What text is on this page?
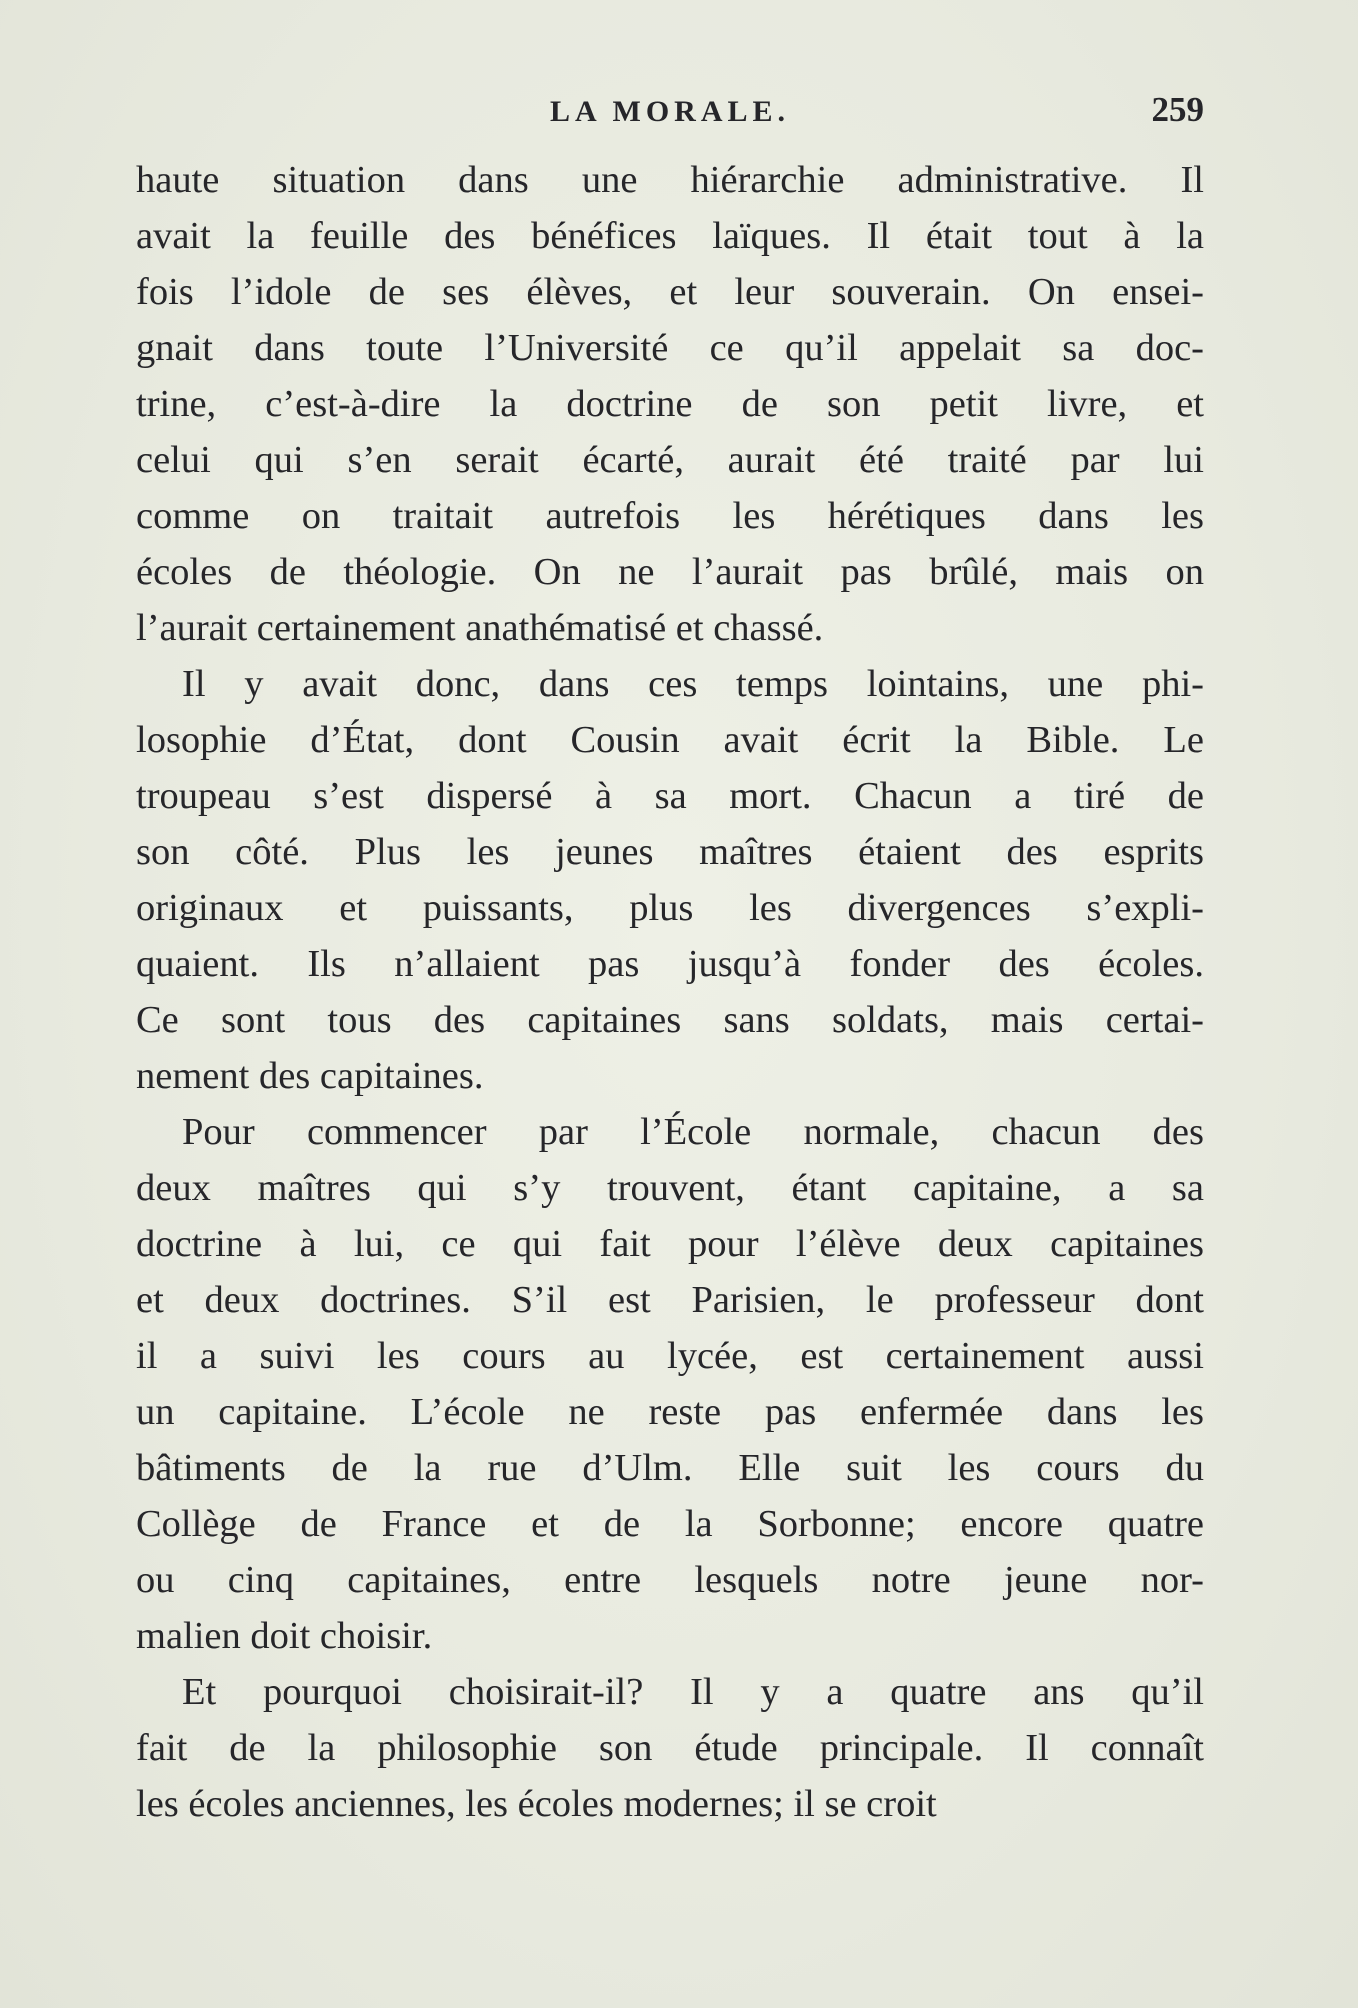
LA MORALE.	259
haute situation dans une hiérarchie administrative. Il
avait la feuille des bénéfices laïques. Il était tout à la
fois l’idole de ses élèves, et leur souverain. On ensei-
gnait dans toute l’Université ce qu’il appelait sa doc-
trine, c’est-à-dire la doctrine de son petit livre, et
celui qui s’en serait écarté, aurait été traité par lui
comme on traitait autrefois les hérétiques dans les
écoles de théologie. On ne l’aurait pas brûlé, mais on
l’aurait certainement anathématisé et chassé.
Il y avait donc, dans ces temps lointains, une phi-
losophie d’État, dont Cousin avait écrit la Bible. Le
troupeau s’est dispersé à sa mort. Chacun a tiré de
son côté. Plus les jeunes maîtres étaient des esprits
originaux et puissants, plus les divergences s’expli-
quaient. Ils n’allaient pas jusqu’à fonder des écoles.
Ce sont tous des capitaines sans soldats, mais certai-
nement des capitaines.
Pour commencer par l’École normale, chacun des
deux maîtres qui s’y trouvent, étant capitaine, a sa
doctrine à lui, ce qui fait pour l’élève deux capitaines
et deux doctrines. S’il est Parisien, le professeur dont
il a suivi les cours au lycée, est certainement aussi
un capitaine. L’école ne reste pas enfermée dans les
bâtiments de la rue d’Ulm. Elle suit les cours du
Collège de France et de la Sorbonne; encore quatre
ou cinq capitaines, entre lesquels notre jeune nor-
malien doit choisir.
Et pourquoi choisirait-il? Il y a quatre ans qu’il
fait de la philosophie son étude principale. Il connaît
les écoles anciennes, les écoles modernes; il se croit
